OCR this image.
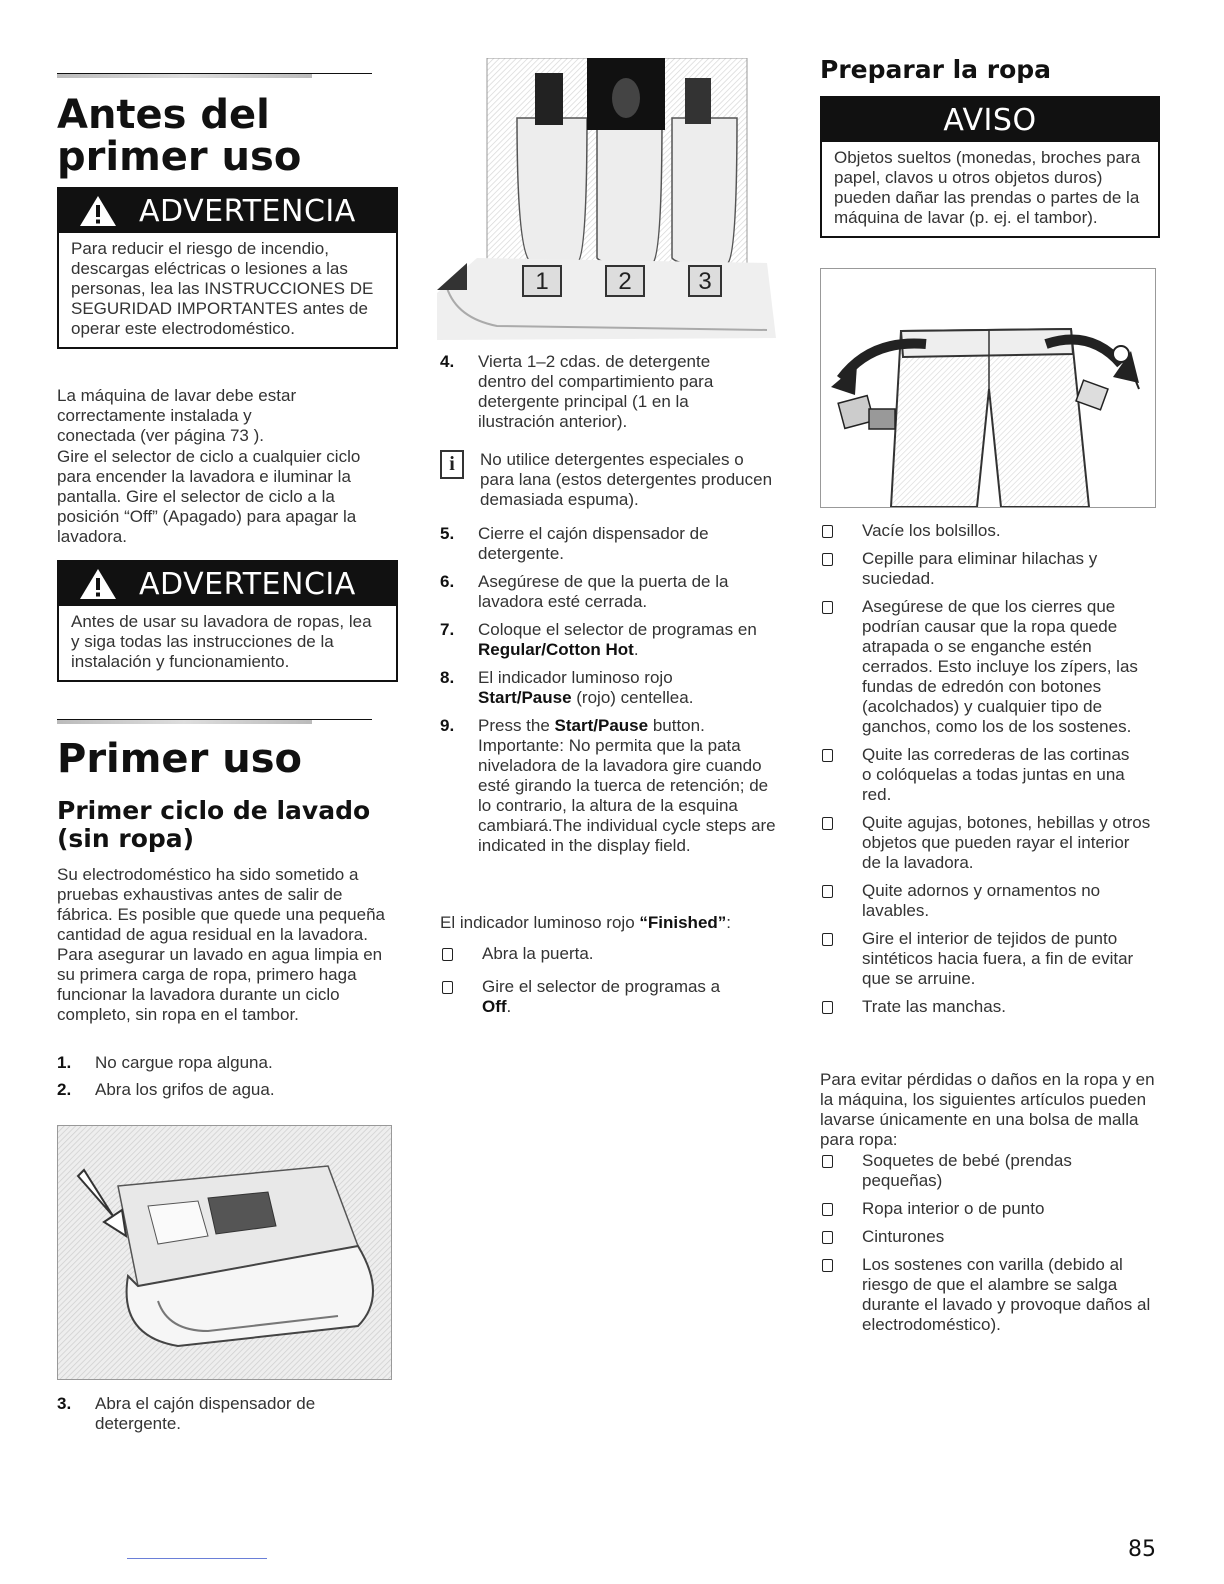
Antes del primer uso
ADVERTENCIA
Para reducir el riesgo de incendio, descargas eléctricas o lesiones a las personas, lea las INSTRUCCIONES DE SEGURIDAD IMPORTANTES antes de operar este electrodoméstico.

La máquina de lavar debe estar correctamente instalada y conectada (ver página 73 ).

Gire el selector de ciclo a cualquier ciclo para encender la lavadora e iluminar la pantalla. Gire el selector de ciclo a la posición “Off” (Apagado) para apagar la lavadora.

ADVERTENCIA
Antes de usar su lavadora de ropas, lea y siga todas las instrucciones de la instalación y funcionamiento.
Primer uso
Primer ciclo de lavado (sin ropa)

Su electrodoméstico ha sido sometido a pruebas exhaustivas antes de salir de fábrica. Es posible que quede una pequeña cantidad de agua residual en la lavadora. Para asegurar un lavado en agua limpia en su primera carga de ropa, primero haga funcionar la lavadora durante un ciclo completo, sin ropa en el tambor.

1.	No cargue ropa alguna.
2.	Abra los grifos de agua.
3.	Abra el cajón dispensador de detergente.
1	2	3
4.	Vierta 1–2 cdas. de detergente dentro del compartimiento para detergente principal (1 en la ilustración anterior).
i	No utilice detergentes especiales o para lana (estos detergentes producen demasiada espuma).
5.	Cierre el cajón dispensador de detergente.
6.	Asegúrese de que la puerta de la lavadora esté cerrada.
7.	Coloque el selector de programas en Regular/Cotton Hot.
8.	El indicador luminoso rojo Start/Pause (rojo) centellea.
9.	Press the Start/Pause button.
Importante: No permita que la pata niveladora de la lavadora gire cuando esté girando la tuerca de retención; de lo contrario, la altura de la esquina cambiará.The individual cycle steps are indicated in the display field.

El indicador luminoso rojo “Finished”:

Abra la puerta.
Gire el selector de programas a Off.
Preparar la ropa
AVISO
Objetos sueltos (monedas, broches para papel, clavos u otros objetos duros) pueden dañar las prendas o partes de la máquina de lavar (p. ej. el tambor).
Vacíe los bolsillos.
Cepille para eliminar hilachas y suciedad.
Asegúrese de que los cierres que podrían causar que la ropa quede atrapada o se enganche estén cerrados. Esto incluye los zípers, las fundas de edredón con botones (acolchados) y cualquier tipo de ganchos, como los de los sostenes.
Quite las correderas de las cortinas o colóquelas a todas juntas en una red.
Quite agujas, botones, hebillas y otros objetos que pueden rayar el interior de la lavadora.
Quite adornos y ornamentos no lavables.
Gire el interior de tejidos de punto sintéticos hacia fuera, a fin de evitar que se arruine.
Trate las manchas.

Para evitar pérdidas o daños en la ropa y en la máquina, los siguientes artículos pueden lavarse únicamente en una bolsa de malla para ropa:

Soquetes de bebé (prendas pequeñas)
Ropa interior o de punto
Cinturones
Los sostenes con varilla (debido al riesgo de que el alambre se salga durante el lavado y provoque daños al electrodoméstico).
85
